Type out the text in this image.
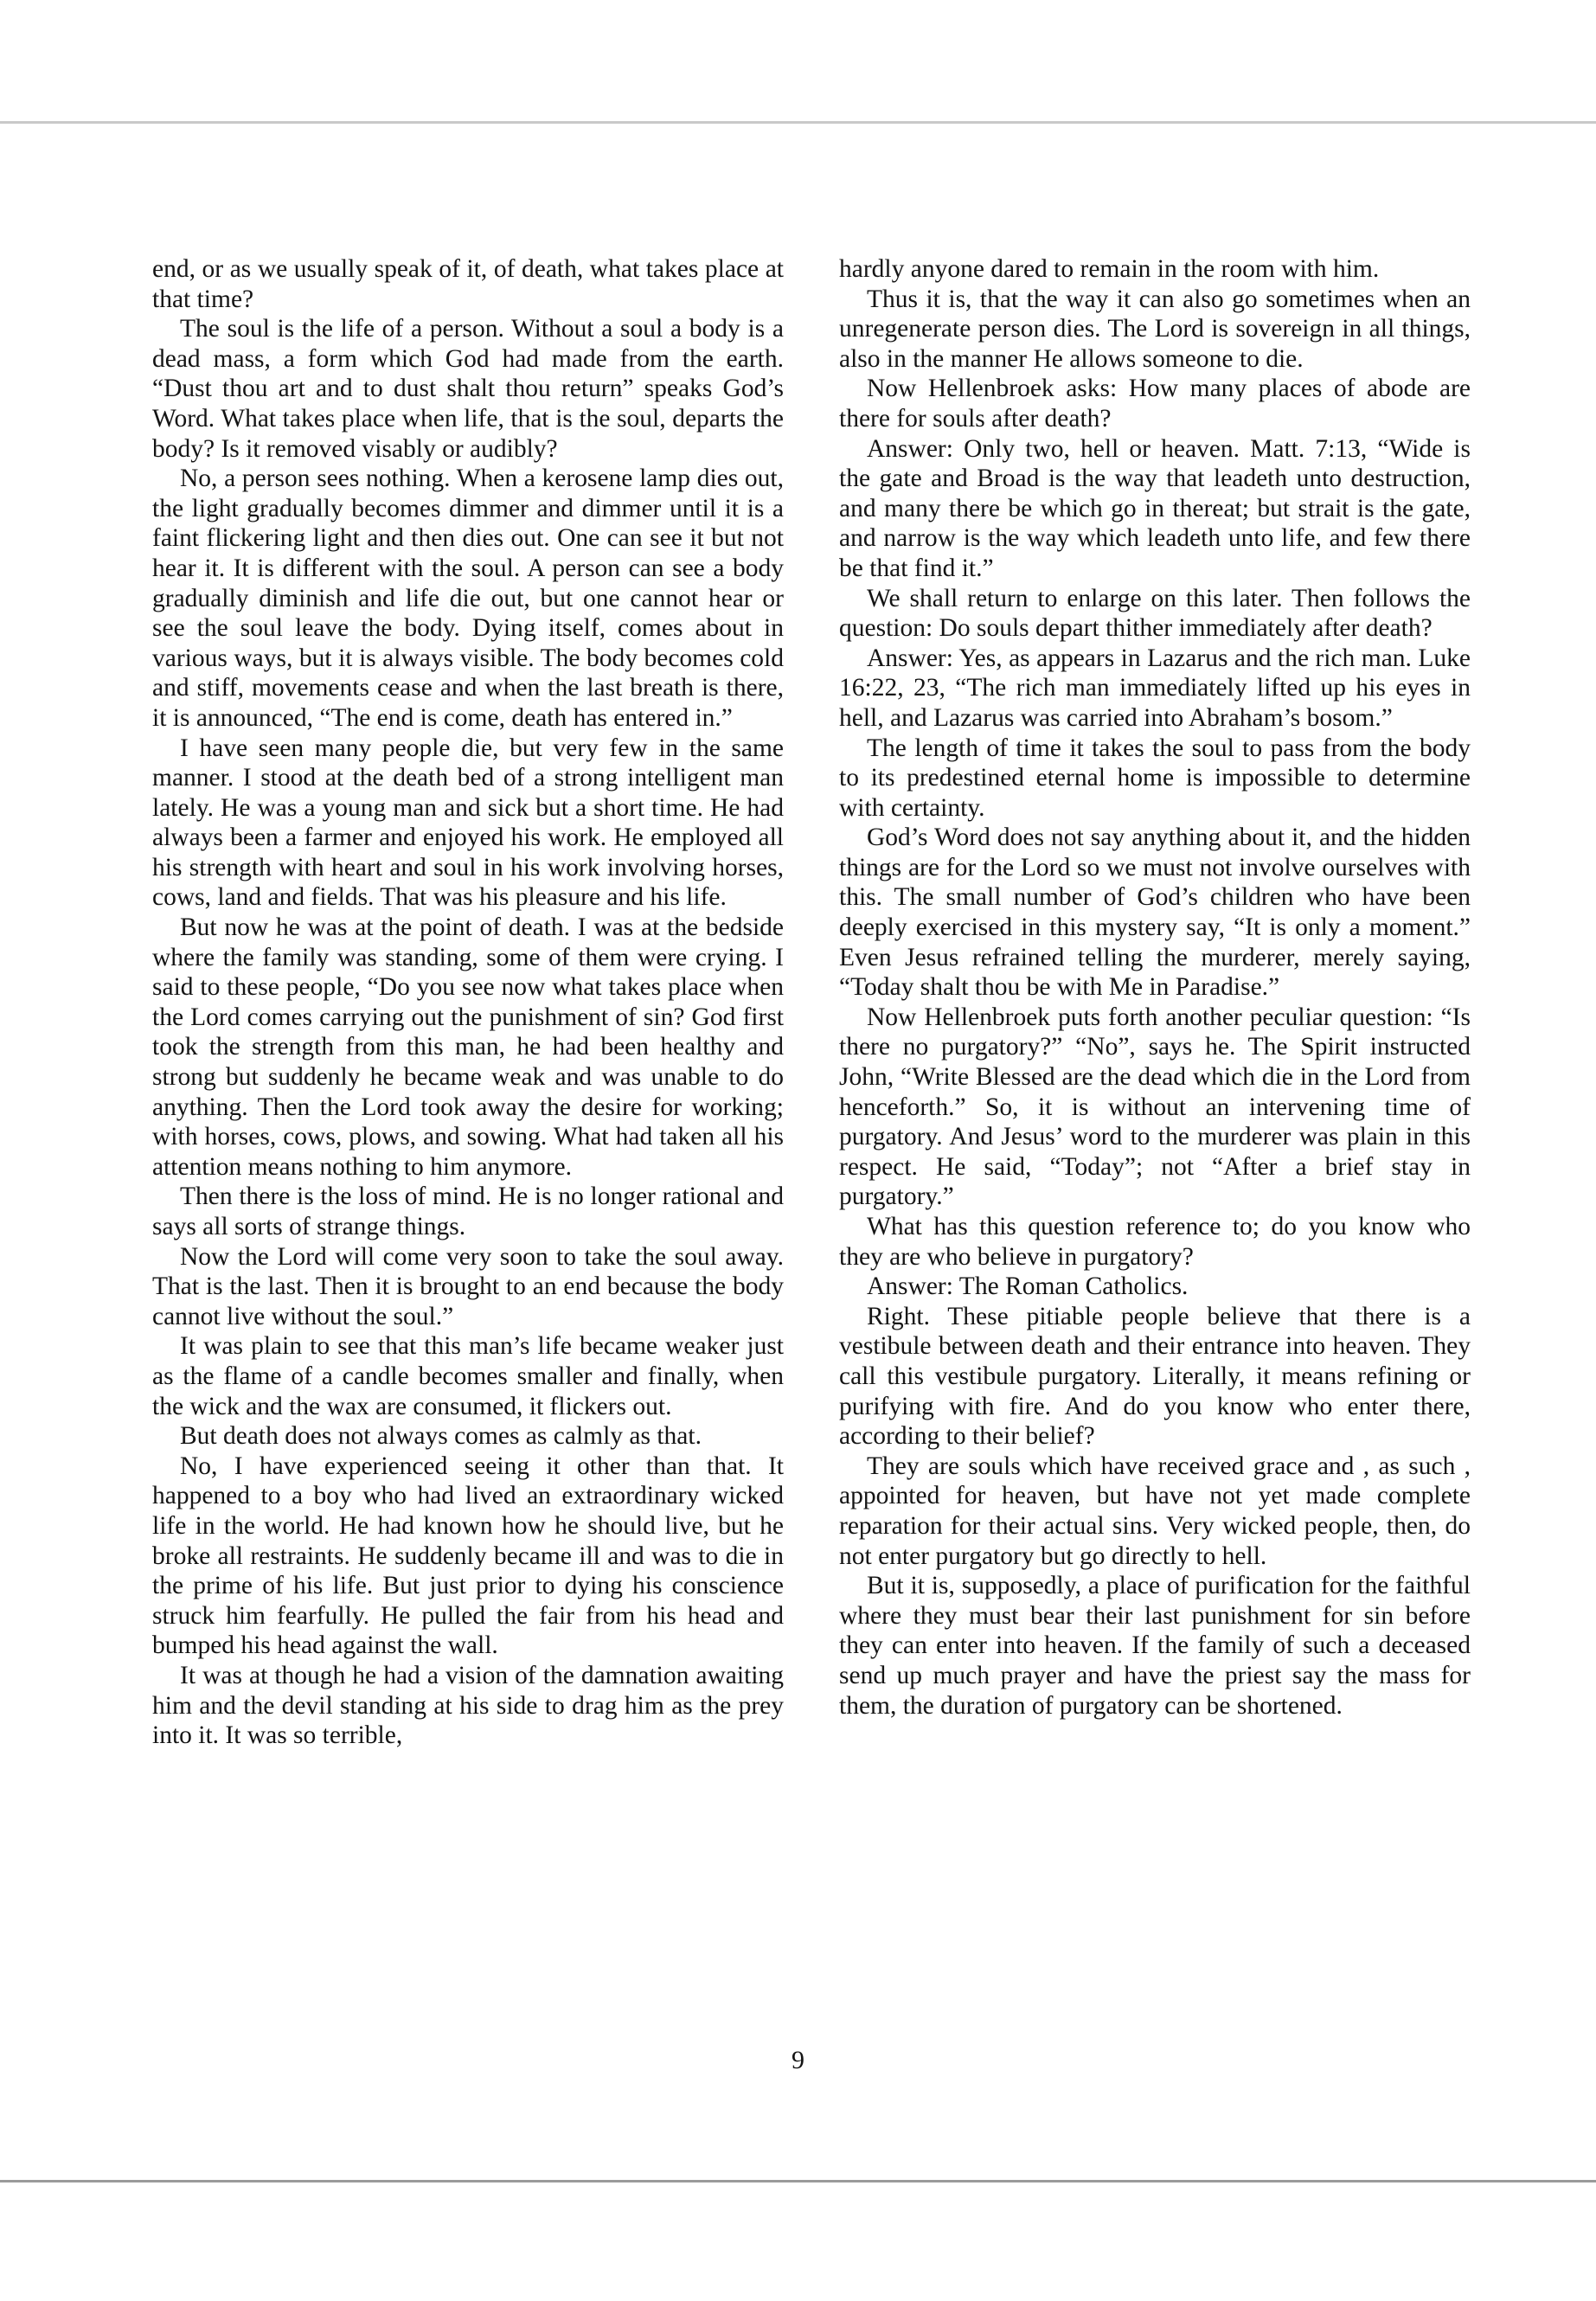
end, or as we usually speak of it, of death, what takes place at that time?

The soul is the life of a person. Without a soul a body is a dead mass, a form which God had made from the earth. “Dust thou art and to dust shalt thou return” speaks God’s Word. What takes place when life, that is the soul, departs the body? Is it removed visably or audibly?

No, a person sees nothing. When a kerosene lamp dies out, the light gradually becomes dimmer and dimmer until it is a faint flickering light and then dies out. One can see it but not hear it. It is different with the soul. A person can see a body gradually diminish and life die out, but one cannot hear or see the soul leave the body. Dying itself, comes about in various ways, but it is always visible. The body becomes cold and stiff, movements cease and when the last breath is there, it is announced, “The end is come, death has entered in.”

I have seen many people die, but very few in the same manner. I stood at the death bed of a strong intelligent man lately. He was a young man and sick but a short time. He had always been a farmer and enjoyed his work. He employed all his strength with heart and soul in his work involving horses, cows, land and fields. That was his pleasure and his life.

But now he was at the point of death. I was at the bedside where the family was standing, some of them were crying. I said to these people, “Do you see now what takes place when the Lord comes carrying out the punishment of sin? God first took the strength from this man, he had been healthy and strong but suddenly he became weak and was unable to do anything. Then the Lord took away the desire for working; with horses, cows, plows, and sowing. What had taken all his attention means nothing to him anymore.

Then there is the loss of mind. He is no longer rational and says all sorts of strange things.

Now the Lord will come very soon to take the soul away. That is the last. Then it is brought to an end because the body cannot live without the soul.”

It was plain to see that this man’s life became weaker just as the flame of a candle becomes smaller and finally, when the wick and the wax are consumed, it flickers out.

But death does not always comes as calmly as that.

No, I have experienced seeing it other than that. It happened to a boy who had lived an extraordinary wicked life in the world. He had known how he should live, but he broke all restraints. He suddenly became ill and was to die in the prime of his life. But just prior to dying his conscience struck him fearfully. He pulled the fair from his head and bumped his head against the wall.

It was at though he had a vision of the damnation awaiting him and the devil standing at his side to drag him as the prey into it. It was so terrible,

hardly anyone dared to remain in the room with him.

Thus it is, that the way it can also go sometimes when an unregenerate person dies. The Lord is sovereign in all things, also in the manner He allows someone to die.

Now Hellenbroek asks: How many places of abode are there for souls after death?

Answer: Only two, hell or heaven. Matt. 7:13, “Wide is the gate and Broad is the way that leadeth unto destruction, and many there be which go in thereat; but strait is the gate, and narrow is the way which leadeth unto life, and few there be that find it.”

We shall return to enlarge on this later. Then follows the question: Do souls depart thither immediately after death?

Answer: Yes, as appears in Lazarus and the rich man. Luke 16:22, 23, “The rich man immediately lifted up his eyes in hell, and Lazarus was carried into Abraham’s bosom.”

The length of time it takes the soul to pass from the body to its predestined eternal home is impossible to determine with certainty.

God’s Word does not say anything about it, and the hidden things are for the Lord so we must not involve ourselves with this. The small number of God’s children who have been deeply exercised in this mystery say, “It is only a moment.” Even Jesus refrained telling the murderer, merely saying, “Today shalt thou be with Me in Paradise.”

Now Hellenbroek puts forth another peculiar question: “Is there no purgatory?” “No”, says he. The Spirit instructed John, “Write Blessed are the dead which die in the Lord from henceforth.” So, it is without an intervening time of purgatory. And Jesus’ word to the murderer was plain in this respect. He said, “Today”; not “After a brief stay in purgatory.”

What has this question reference to; do you know who they are who believe in purgatory?

Answer: The Roman Catholics.

Right. These pitiable people believe that there is a vestibule between death and their entrance into heaven. They call this vestibule purgatory. Literally, it means refining or purifying with fire. And do you know who enter there, according to their belief?

They are souls which have received grace and , as such , appointed for heaven, but have not yet made complete reparation for their actual sins. Very wicked people, then, do not enter purgatory but go directly to hell.

But it is, supposedly, a place of purification for the faithful where they must bear their last punishment for sin before they can enter into heaven. If the family of such a deceased send up much prayer and have the priest say the mass for them, the duration of purgatory can be shortened.

9
